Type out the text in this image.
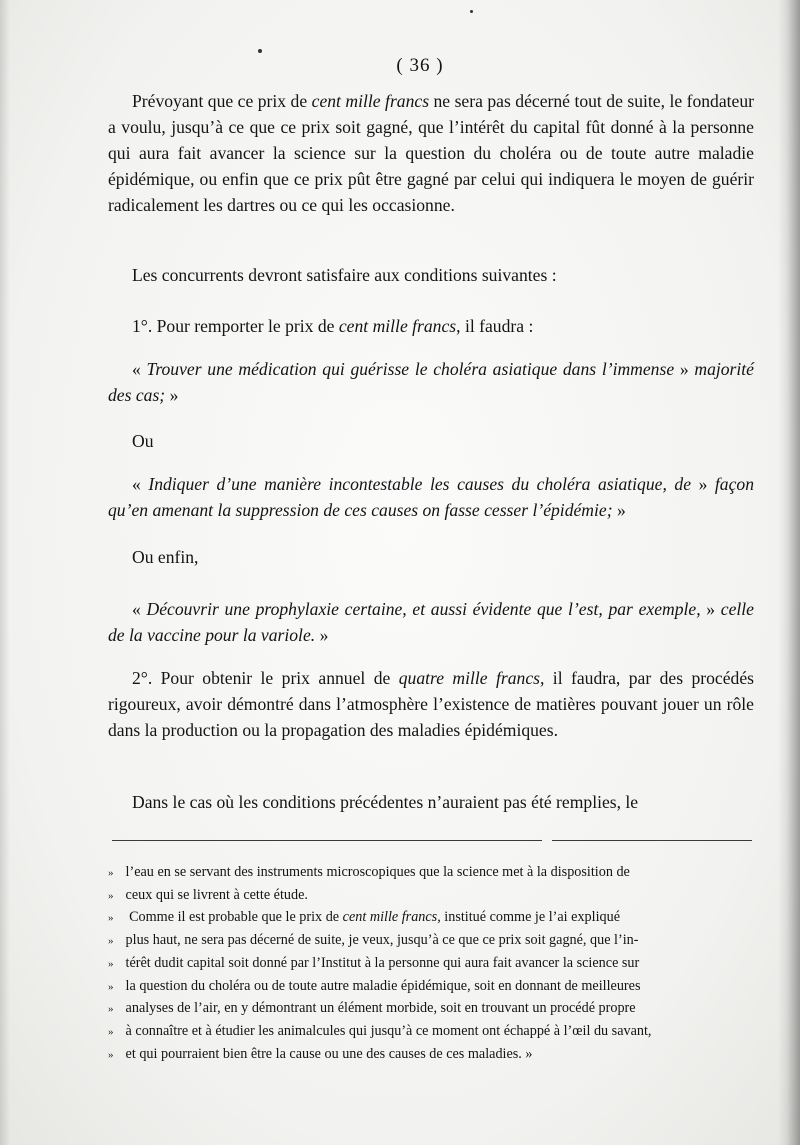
( 36 )

Prévoyant que ce prix de cent mille francs ne sera pas décerné tout de suite, le fondateur a voulu, jusqu’à ce que ce prix soit gagné, que l’intérêt du capital fût donné à la personne qui aura fait avancer la science sur la question du choléra ou de toute autre maladie épidémique, ou enfin que ce prix pût être gagné par celui qui indiquera le moyen de guérir radicalement les dartres ou ce qui les occasionne.

Les concurrents devront satisfaire aux conditions suivantes :

1°. Pour remporter le prix de cent mille francs, il faudra :

« Trouver une médication qui guérisse le choléra asiatique dans l’immense » majorité des cas; »

Ou

« Indiquer d’une manière incontestable les causes du choléra asiatique, de » façon qu’en amenant la suppression de ces causes on fasse cesser l’épidémie; »

Ou enfin,

« Découvrir une prophylaxie certaine, et aussi évidente que l’est, par exemple, » celle de la vaccine pour la variole. »

2°. Pour obtenir le prix annuel de quatre mille francs, il faudra, par des procédés rigoureux, avoir démontré dans l’atmosphère l’existence de matières pouvant jouer un rôle dans la production ou la propagation des maladies épidémiques.

Dans le cas où les conditions précédentes n’auraient pas été remplies, le

» l’eau en se servant des instruments microscopiques que la science met à la disposition de

» ceux qui se livrent à cette étude.

»  Comme il est probable que le prix de cent mille francs, institué comme je l’ai expliqué

» plus haut, ne sera pas décerné de suite, je veux, jusqu’à ce que ce prix soit gagné, que l’in-

» térêt dudit capital soit donné par l’Institut à la personne qui aura fait avancer la science sur

» la question du choléra ou de toute autre maladie épidémique, soit en donnant de meilleures

» analyses de l’air, en y démontrant un élément morbide, soit en trouvant un procédé propre

» à connaître et à étudier les animalcules qui jusqu’à ce moment ont échappé à l’œil du savant,

» et qui pourraient bien être la cause ou une des causes de ces maladies. »
